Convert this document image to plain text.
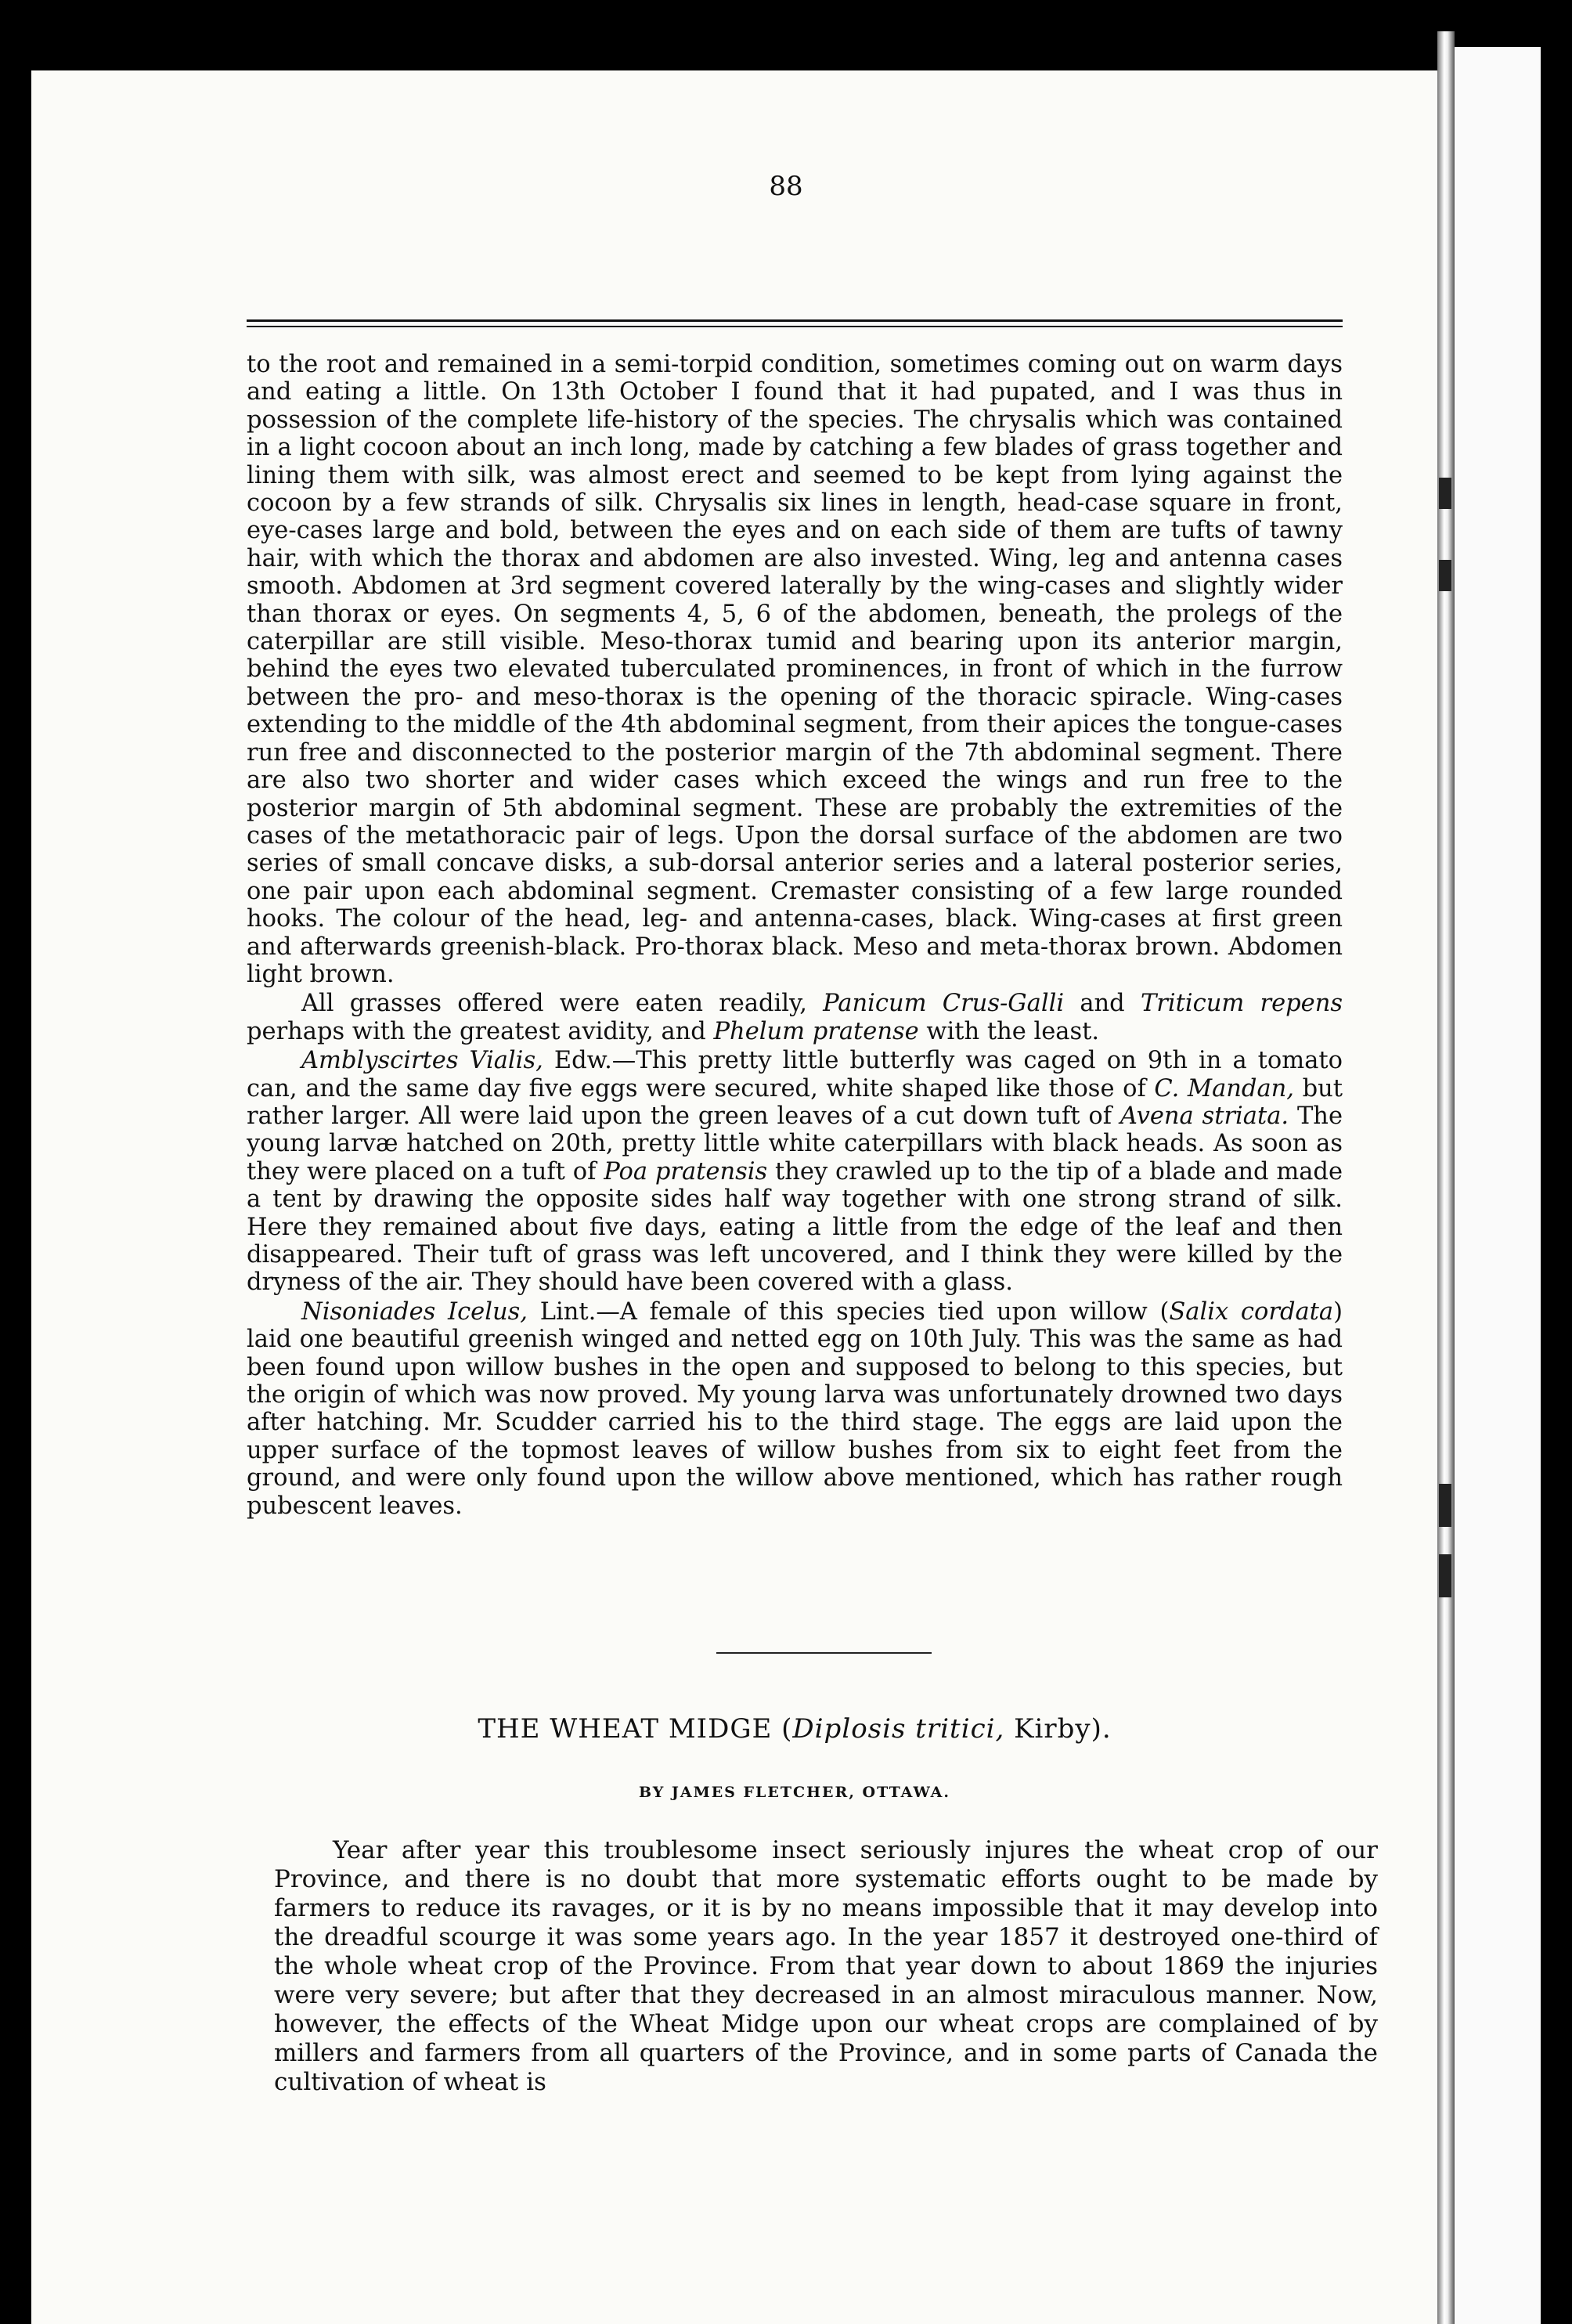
88

to the root and remained in a semi-torpid condition, sometimes coming out on warm days and eating a little. On 13th October I found that it had pupated, and I was thus in possession of the complete life-history of the species. The chrysalis which was contained in a light cocoon about an inch long, made by catching a few blades of grass together and lining them with silk, was almost erect and seemed to be kept from lying against the cocoon by a few strands of silk. Chrysalis six lines in length, head-case square in front, eye-cases large and bold, between the eyes and on each side of them are tufts of tawny hair, with which the thorax and abdomen are also invested. Wing, leg and antenna cases smooth. Abdomen at 3rd segment covered laterally by the wing-cases and slightly wider than thorax or eyes. On segments 4, 5, 6 of the abdomen, beneath, the prolegs of the caterpillar are still visible. Meso-thorax tumid and bearing upon its anterior margin, behind the eyes two elevated tuberculated prominences, in front of which in the furrow between the pro- and meso-thorax is the opening of the thoracic spiracle. Wing-cases extending to the middle of the 4th abdominal segment, from their apices the tongue-cases run free and disconnected to the posterior margin of the 7th abdominal segment. There are also two shorter and wider cases which exceed the wings and run free to the posterior margin of 5th abdominal segment. These are probably the extremities of the cases of the metathoracic pair of legs. Upon the dorsal surface of the abdomen are two series of small concave disks, a sub-dorsal anterior series and a lateral posterior series, one pair upon each abdominal segment. Cremaster consisting of a few large rounded hooks. The colour of the head, leg- and antenna-cases, black. Wing-cases at first green and afterwards greenish-black. Pro-thorax black. Meso and meta-thorax brown. Abdomen light brown.

All grasses offered were eaten readily, Panicum Crus-Galli and Triticum repens perhaps with the greatest avidity, and Phelum pratense with the least.

Amblyscirtes Vialis, Edw.—This pretty little butterfly was caged on 9th in a tomato can, and the same day five eggs were secured, white shaped like those of C. Mandan, but rather larger. All were laid upon the green leaves of a cut down tuft of Avena striata. The young larvæ hatched on 20th, pretty little white caterpillars with black heads. As soon as they were placed on a tuft of Poa pratensis they crawled up to the tip of a blade and made a tent by drawing the opposite sides half way together with one strong strand of silk. Here they remained about five days, eating a little from the edge of the leaf and then disappeared. Their tuft of grass was left uncovered, and I think they were killed by the dryness of the air. They should have been covered with a glass.

Nisoniades Icelus, Lint.—A female of this species tied upon willow (Salix cordata) laid one beautiful greenish winged and netted egg on 10th July. This was the same as had been found upon willow bushes in the open and supposed to belong to this species, but the origin of which was now proved. My young larva was unfortunately drowned two days after hatching. Mr. Scudder carried his to the third stage. The eggs are laid upon the upper surface of the topmost leaves of willow bushes from six to eight feet from the ground, and were only found upon the willow above mentioned, which has rather rough pubescent leaves.

THE WHEAT MIDGE (Diplosis tritici, Kirby).
BY JAMES FLETCHER, OTTAWA.

Year after year this troublesome insect seriously injures the wheat crop of our Province, and there is no doubt that more systematic efforts ought to be made by farmers to reduce its ravages, or it is by no means impossible that it may develop into the dreadful scourge it was some years ago. In the year 1857 it destroyed one-third of the whole wheat crop of the Province. From that year down to about 1869 the injuries were very severe; but after that they decreased in an almost miraculous manner. Now, however, the effects of the Wheat Midge upon our wheat crops are complained of by millers and farmers from all quarters of the Province, and in some parts of Canada the cultivation of wheat is
